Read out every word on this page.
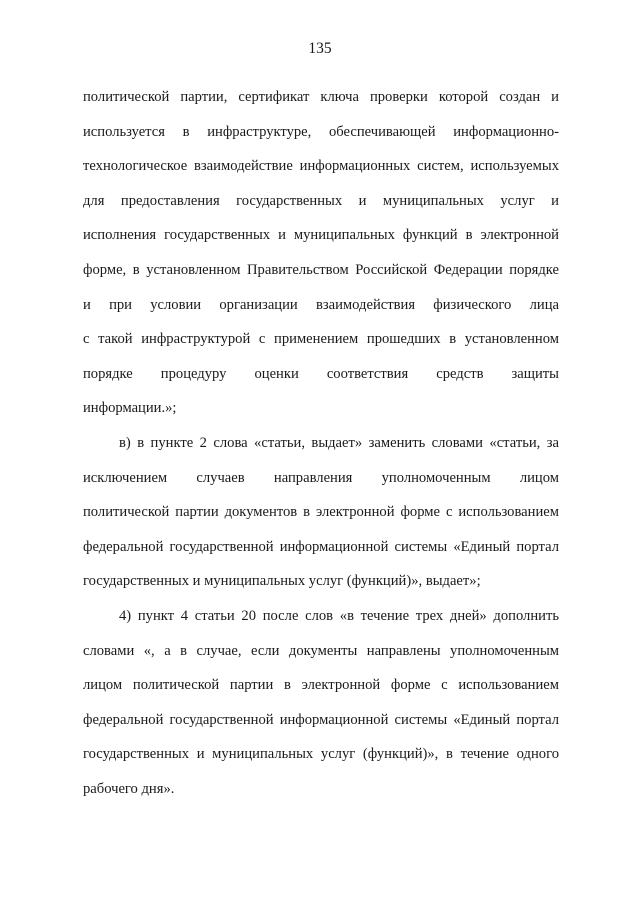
135
политической партии, сертификат ключа проверки которой создан и
используется в инфраструктуре, обеспечивающей информационно-
технологическое взаимодействие информационных систем, используемых
для предоставления государственных и муниципальных услуг и
исполнения государственных и муниципальных функций в электронной
форме, в установленном Правительством Российской Федерации порядке
и при условии организации взаимодействия физического лица
с такой инфраструктурой с применением прошедших в установленном
порядке процедуру оценки соответствия средств защиты
информации.»;
в) в пункте 2 слова «статьи, выдает» заменить словами «статьи, за
исключением случаев направления уполномоченным лицом
политической партии документов в электронной форме с использованием
федеральной государственной информационной системы «Единый портал
государственных и муниципальных услуг (функций)», выдает»;
4) пункт 4 статьи 20 после слов «в течение трех дней» дополнить
словами «, а в случае, если документы направлены уполномоченным
лицом политической партии в электронной форме с использованием
федеральной государственной информационной системы «Единый портал
государственных и муниципальных услуг (функций)», в течение одного
рабочего дня».
